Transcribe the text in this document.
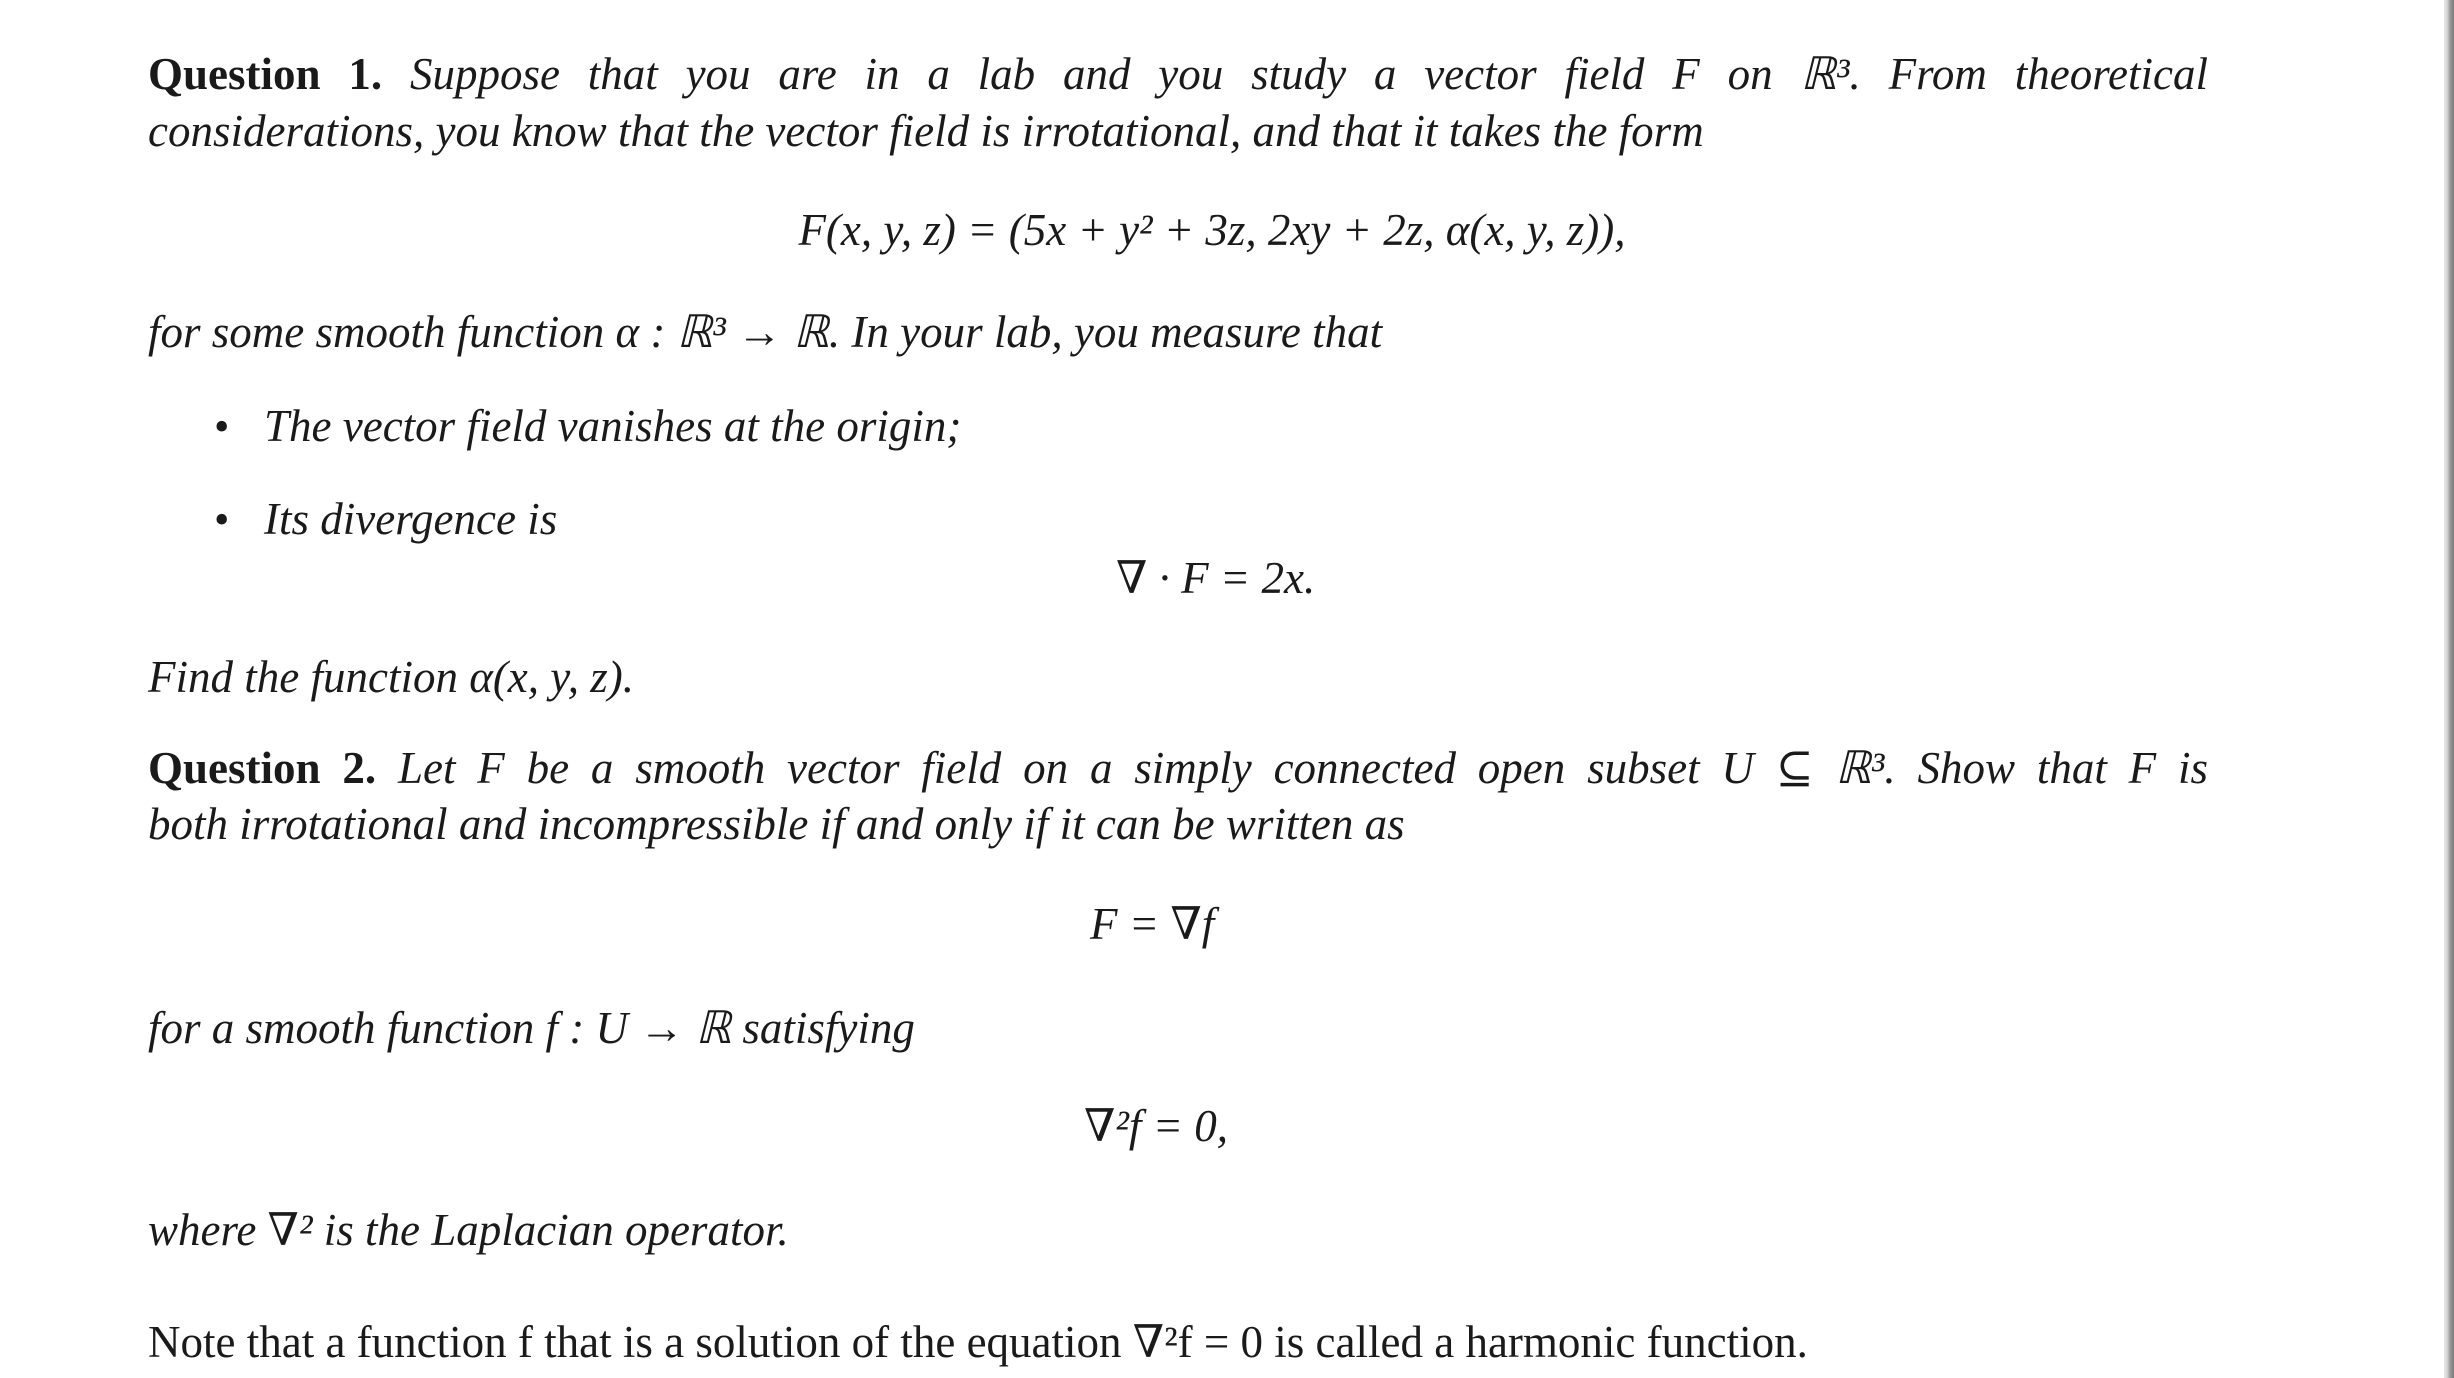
Question 1. Suppose that you are in a lab and you study a vector field F on ℝ³. From theoretical
considerations, you know that the vector field is irrotational, and that it takes the form
F(x, y, z) = (5x + y² + 3z, 2xy + 2z, α(x, y, z)),
for some smooth function α : ℝ³ → ℝ. In your lab, you measure that
• The vector field vanishes at the origin;
• Its divergence is
∇ · F = 2x.
Find the function α(x, y, z).
Question 2. Let F be a smooth vector field on a simply connected open subset U ⊆ ℝ³. Show that F is
both irrotational and incompressible if and only if it can be written as
F = ∇f
for a smooth function f : U → ℝ satisfying
∇²f = 0,
where ∇² is the Laplacian operator.
Note that a function f that is a solution of the equation ∇²f = 0 is called a harmonic function.
